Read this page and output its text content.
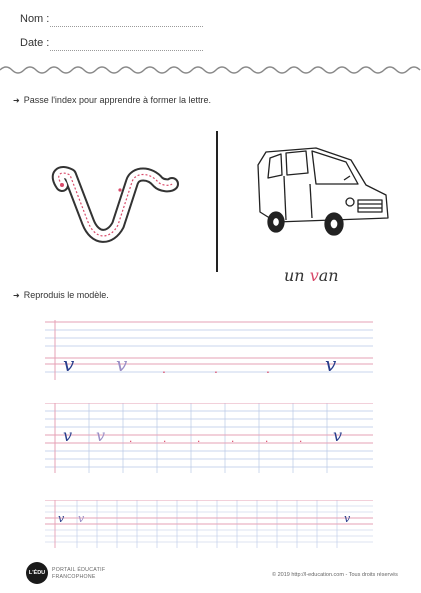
Nom :
Date :
➜ Passe l'index pour apprendre à former la lettre.
un van
➜ Reproduis le modèle.
v v .	.	.	v
v v .	.	.	.	.	. v
v v	v
L'ÉDU PORTAIL ÉDUCATIF
FRANCOPHONE	© 2019 http://l-education.com - Tous droits réservés
